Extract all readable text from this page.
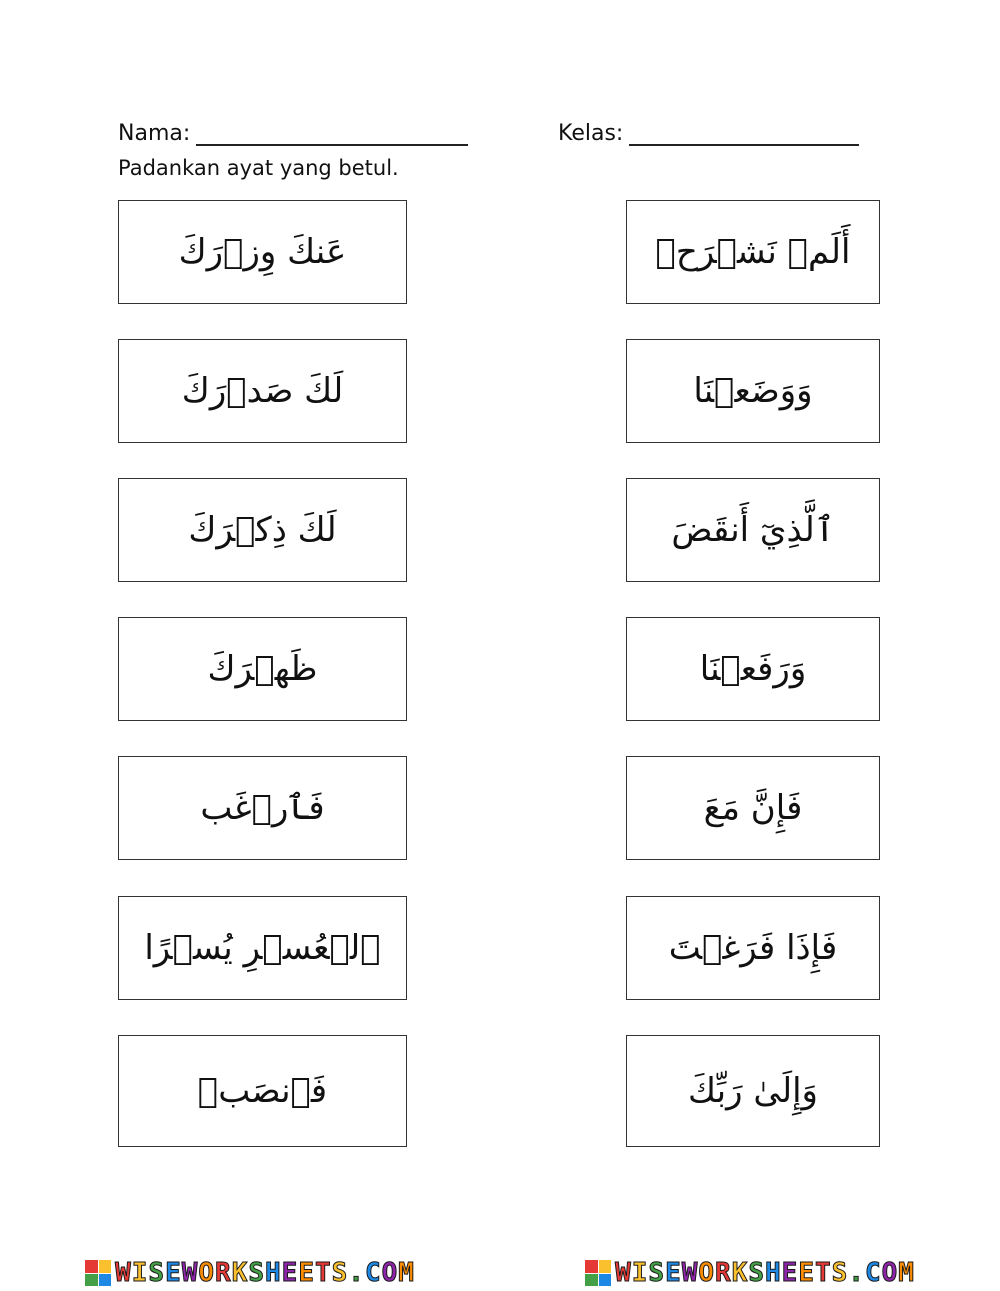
Nama:	Kelas:
Padankan ayat yang betul.
عَنكَ وِزۡرَكَ
لَكَ صَدۡرَكَ
لَكَ ذِكۡرَكَ
ظَهۡرَكَ
فَٱرۡغَب
ٱلۡعُسۡرِ يُسۡرًا
فَٱنصَبۡ
أَلَمۡ نَشۡرَحۡ
وَوَضَعۡنَا
ٱلَّذِيٓ أَنقَضَ
وَرَفَعۡنَا
فَإِنَّ مَعَ
فَإِذَا فَرَغۡتَ
وَإِلَىٰ رَبِّكَ
WISEWORKSHEETS.COM	WISEWORKSHEETS.COM
